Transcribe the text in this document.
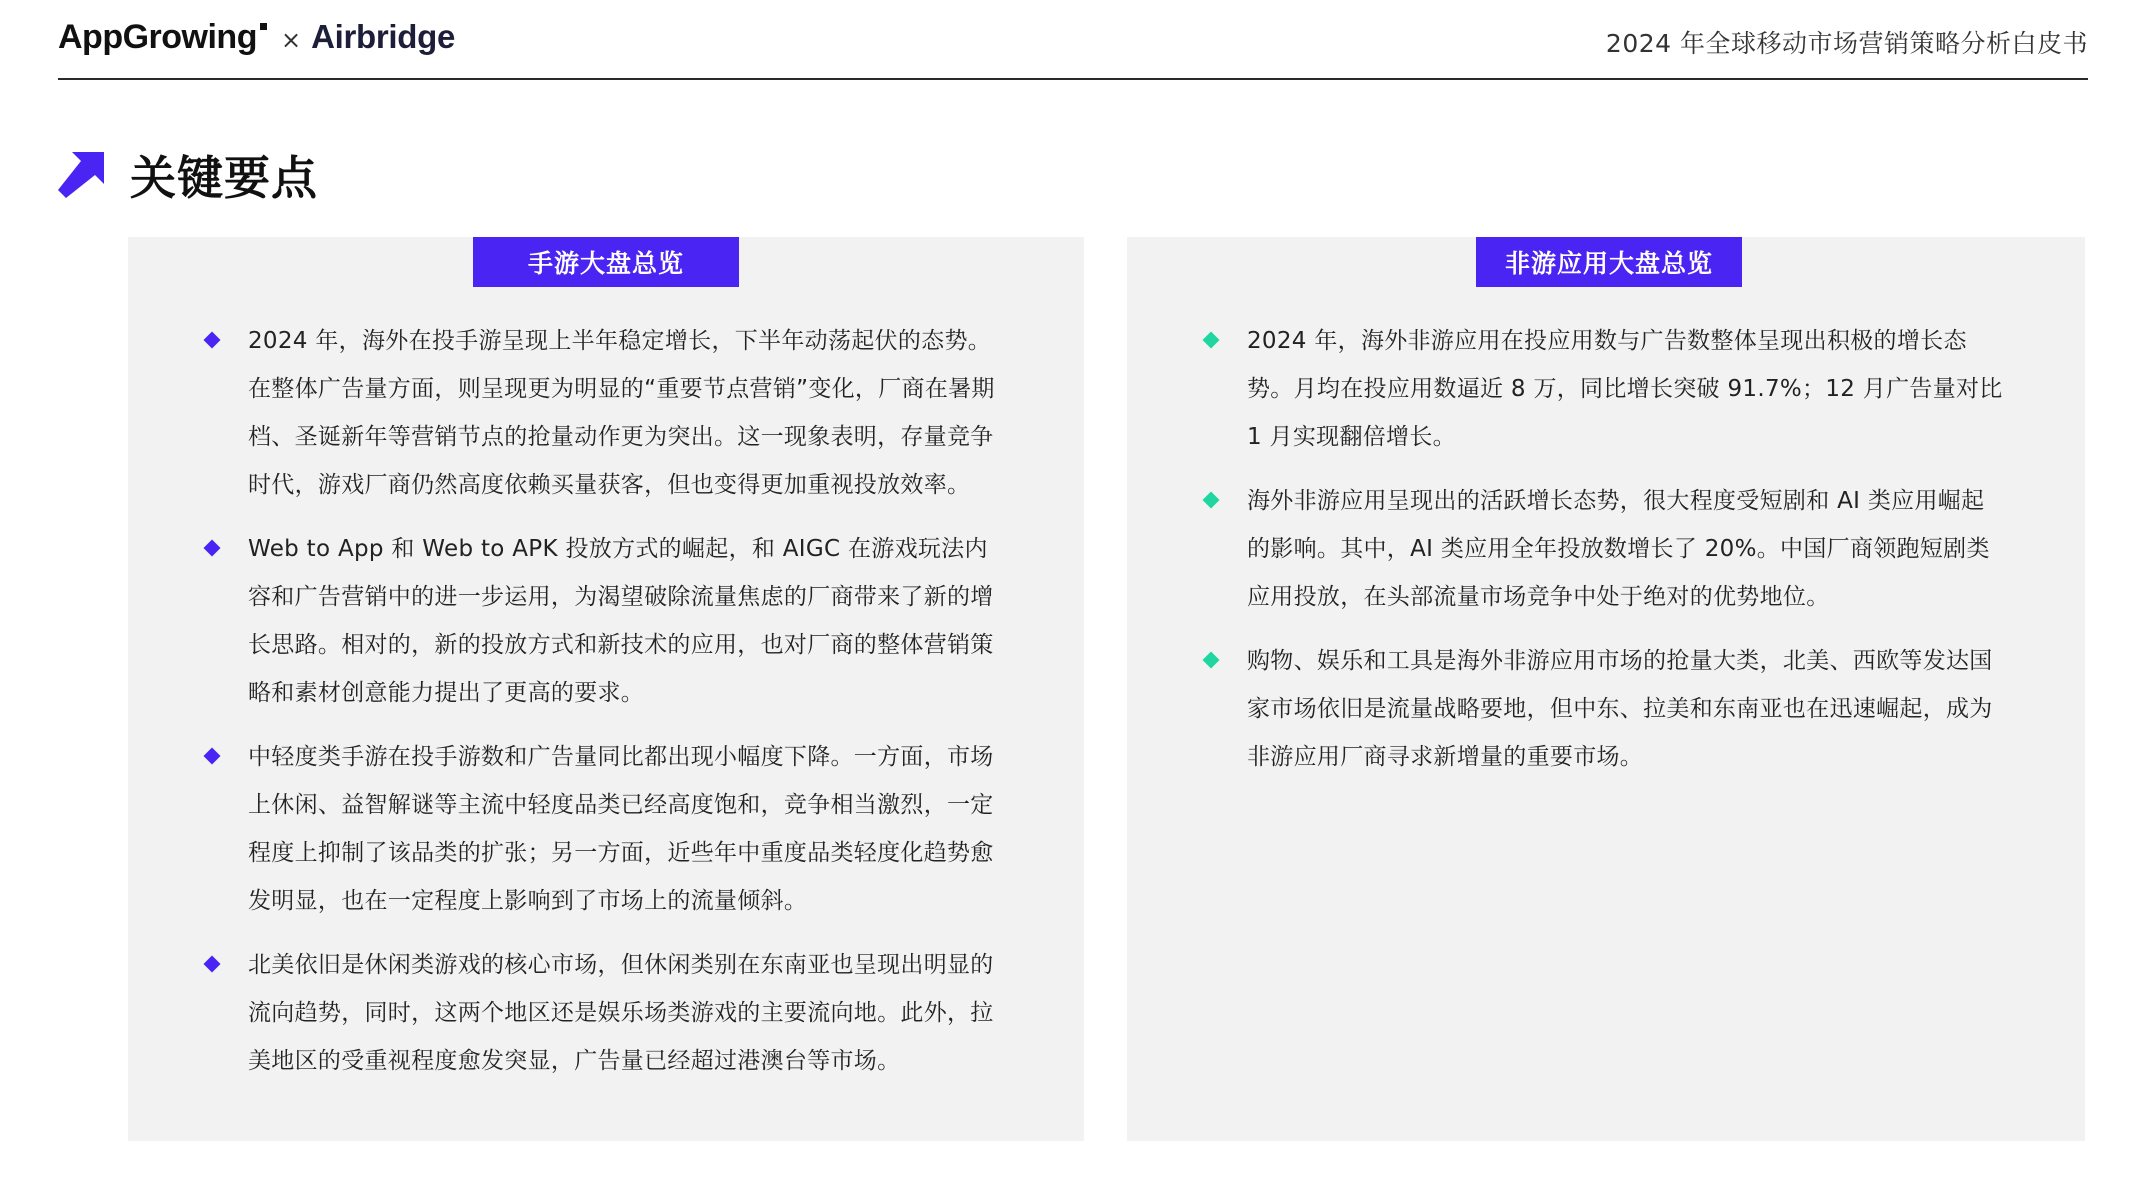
AppGrowing × Airbridge	2024 年全球移动市场营销策略分析白皮书
关键要点
手游大盘总览
2024 年，海外在投手游呈现上半年稳定增长，下半年动荡起伏的态势。在整体广告量方面，则呈现更为明显的“重要节点营销”变化，厂商在暑期档、圣诞新年等营销节点的抢量动作更为突出。这一现象表明，存量竞争时代，游戏厂商仍然高度依赖买量获客，但也变得更加重视投放效率。
Web to App 和 Web to APK 投放方式的崛起，和 AIGC 在游戏玩法内容和广告营销中的进一步运用，为渴望破除流量焦虑的厂商带来了新的增长思路。相对的，新的投放方式和新技术的应用，也对厂商的整体营销策略和素材创意能力提出了更高的要求。
中轻度类手游在投手游数和广告量同比都出现小幅度下降。一方面，市场上休闲、益智解谜等主流中轻度品类已经高度饱和，竞争相当激烈，一定程度上抑制了该品类的扩张；另一方面，近些年中重度品类轻度化趋势愈发明显，也在一定程度上影响到了市场上的流量倾斜。
北美依旧是休闲类游戏的核心市场，但休闲类别在东南亚也呈现出明显的流向趋势，同时，这两个地区还是娱乐场类游戏的主要流向地。此外，拉美地区的受重视程度愈发突显，广告量已经超过港澳台等市场。
非游应用大盘总览
2024 年，海外非游应用在投应用数与广告数整体呈现出积极的增长态势。月均在投应用数逼近 8 万，同比增长突破 91.7%；12 月广告量对比 1 月实现翻倍增长。
海外非游应用呈现出的活跃增长态势，很大程度受短剧和 AI 类应用崛起的影响。其中，AI 类应用全年投放数增长了 20%。中国厂商领跑短剧类应用投放，在头部流量市场竞争中处于绝对的优势地位。
购物、娱乐和工具是海外非游应用市场的抢量大类，北美、西欧等发达国家市场依旧是流量战略要地，但中东、拉美和东南亚也在迅速崛起，成为非游应用厂商寻求新增量的重要市场。
